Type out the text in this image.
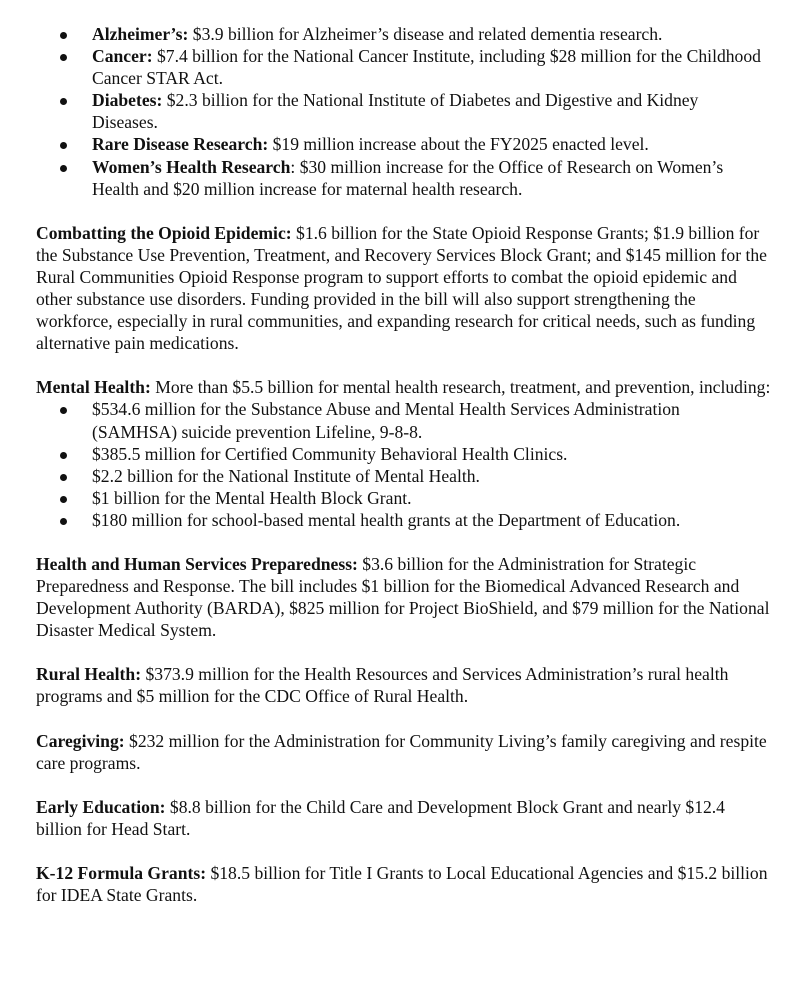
Alzheimer’s: $3.9 billion for Alzheimer’s disease and related dementia research.
Cancer: $7.4 billion for the National Cancer Institute, including $28 million for the Childhood Cancer STAR Act.
Diabetes: $2.3 billion for the National Institute of Diabetes and Digestive and Kidney Diseases.
Rare Disease Research: $19 million increase about the FY2025 enacted level.
Women’s Health Research: $30 million increase for the Office of Research on Women’s Health and $20 million increase for maternal health research.

Combatting the Opioid Epidemic: $1.6 billion for the State Opioid Response Grants; $1.9 billion for the Substance Use Prevention, Treatment, and Recovery Services Block Grant; and $145 million for the Rural Communities Opioid Response program to support efforts to combat the opioid epidemic and other substance use disorders. Funding provided in the bill will also support strengthening the workforce, especially in rural communities, and expanding research for critical needs, such as funding alternative pain medications.

Mental Health: More than $5.5 billion for mental health research, treatment, and prevention, including:

$534.6 million for the Substance Abuse and Mental Health Services Administration (SAMHSA) suicide prevention Lifeline, 9-8-8.
$385.5 million for Certified Community Behavioral Health Clinics.
$2.2 billion for the National Institute of Mental Health.
$1 billion for the Mental Health Block Grant.
$180 million for school-based mental health grants at the Department of Education.

Health and Human Services Preparedness: $3.6 billion for the Administration for Strategic Preparedness and Response. The bill includes $1 billion for the Biomedical Advanced Research and Development Authority (BARDA), $825 million for Project BioShield, and $79 million for the National Disaster Medical System.

Rural Health: $373.9 million for the Health Resources and Services Administration’s rural health programs and $5 million for the CDC Office of Rural Health.

Caregiving: $232 million for the Administration for Community Living’s family caregiving and respite care programs.

Early Education: $8.8 billion for the Child Care and Development Block Grant and nearly $12.4 billion for Head Start.

K-12 Formula Grants: $18.5 billion for Title I Grants to Local Educational Agencies and $15.2 billion for IDEA State Grants.
